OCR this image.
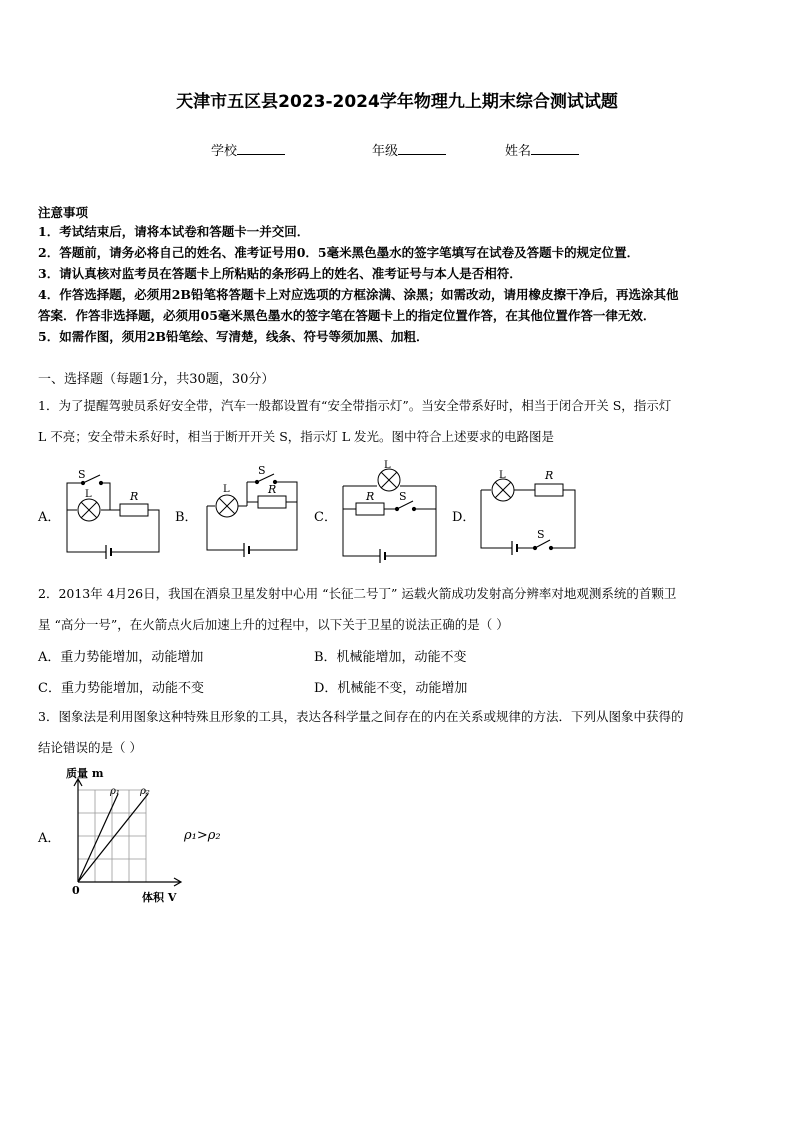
天津市五区县2023-2024学年物理九上期末综合测试试题
学校	年级	姓名
注意事项
1．考试结束后，请将本试卷和答题卡一并交回．
2．答题前，请务必将自己的姓名、准考证号用0．5毫米黑色墨水的签字笔填写在试卷及答题卡的规定位置．
3．请认真核对监考员在答题卡上所粘贴的条形码上的姓名、准考证号与本人是否相符．
4．作答选择题，必须用2B铅笔将答题卡上对应选项的方框涂满、涂黑；如需改动，请用橡皮擦干净后，再选涂其他
答案．作答非选择题，必须用05毫米黑色墨水的签字笔在答题卡上的指定位置作答，在其他位置作答一律无效．
5．如需作图，须用2B铅笔绘、写清楚，线条、符号等须加黑、加粗．
一、选择题（每题1分，共30题，30分）
1．为了提醒驾驶员系好安全带，汽车一般都设置有“安全带指示灯”。当安全带系好时，相当于闭合开关 S，指示灯
L 不亮；安全带未系好时，相当于断开开关 S，指示灯 L 发光。图中符合上述要求的电路图是
A．	B．	C．	D．
S
L	R
S
L	R
L
R S
L	R
S
2．2013年 4月26日，我国在酒泉卫星发射中心用 “长征二号丁” 运载火箭成功发射高分辨率对地观测系统的首颗卫
星 “高分一号”，在火箭点火后加速上升的过程中，以下关于卫星的说法正确的是（ ）
A．重力势能增加，动能增加	B．机械能增加，动能不变
C．重力势能增加，动能不变	D．机械能不变，动能增加
3．图象法是利用图象这种特殊且形象的工具，表达各科学量之间存在的内在关系或规律的方法．下列从图象中获得的
结论错误的是（ ）
A．
质量 m
体积 V
0
ρ₁ ρ₂
ρ₁>ρ₂
